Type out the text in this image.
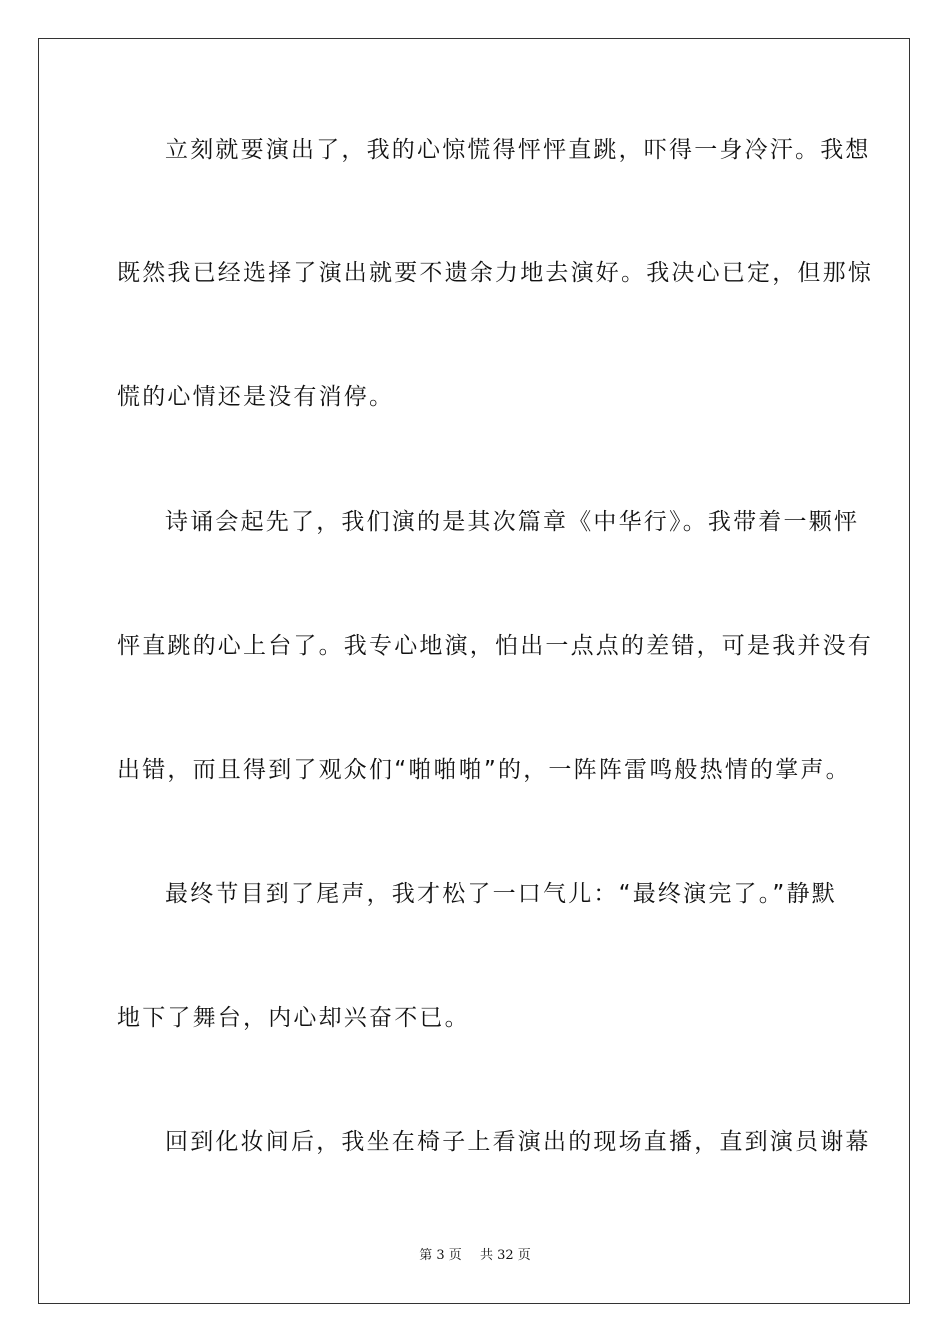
立刻就要演出了，我的心惊慌得怦怦直跳，吓得一身冷汗。我想
既然我已经选择了演出就要不遗余力地去演好。我决心已定，但那惊
慌的心情还是没有消停。
诗诵会起先了，我们演的是其次篇章《中华行》。我带着一颗怦
怦直跳的心上台了。我专心地演，怕出一点点的差错，可是我并没有
出错，而且得到了观众们“啪啪啪”的，一阵阵雷鸣般热情的掌声。
最终节目到了尾声，我才松了一口气儿：“最终演完了。”静默
地下了舞台，内心却兴奋不已。
回到化妆间后，我坐在椅子上看演出的现场直播，直到演员谢幕
第 3 页 共 32 页
